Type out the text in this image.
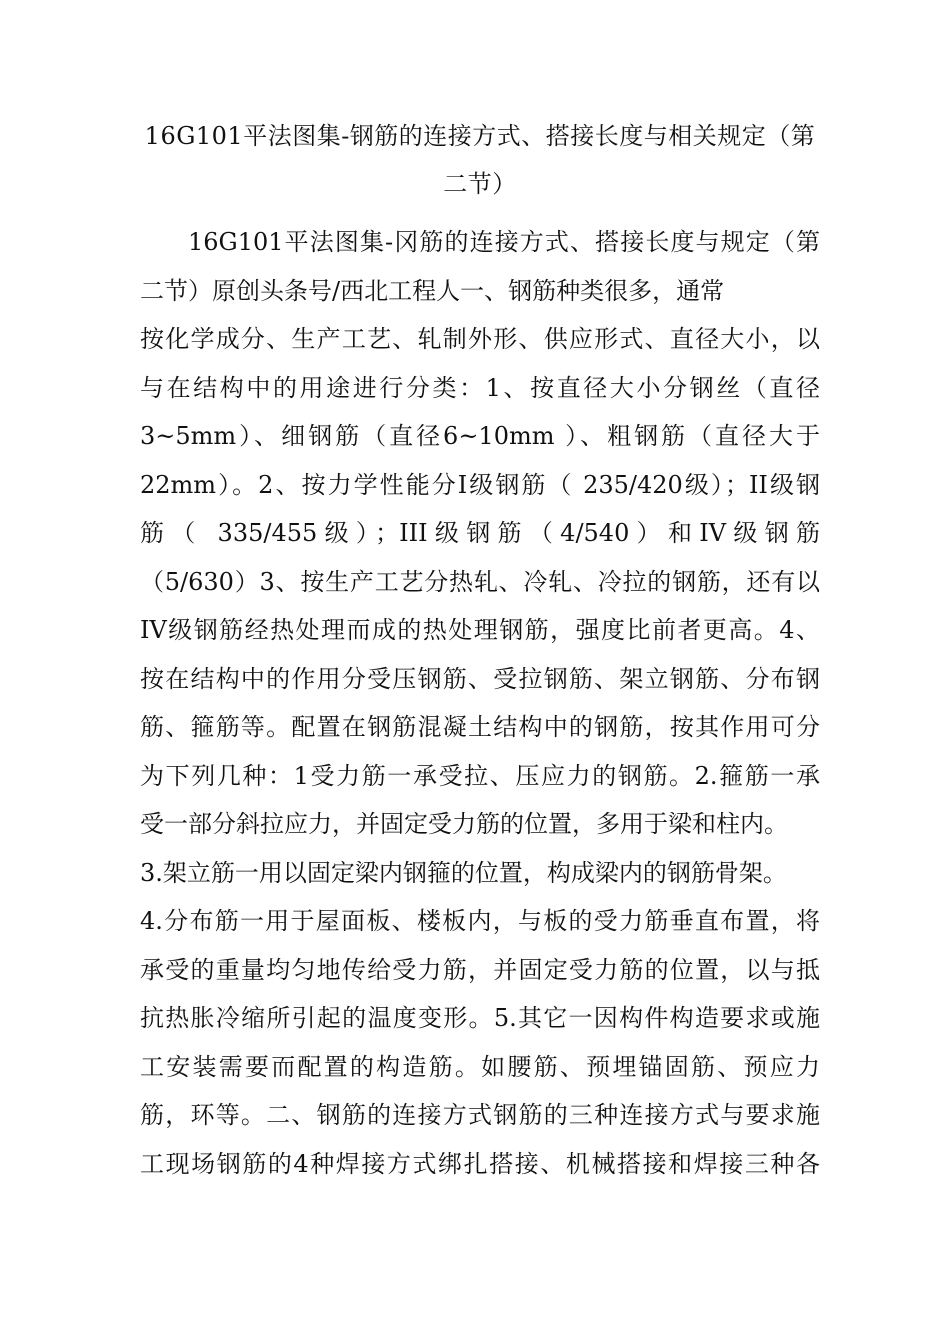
16G101平法图集-钢筋的连接方式、搭接长度与相关规定（第
二节）
16G101平法图集-冈筋的连接方式、搭接长度与规定（第
二节）原创头条号/西北工程人一、钢筋种类很多，通常
按化学成分、生产工艺、轧制外形、供应形式、直径大小，以
与在结构中的用途进行分类：1、按直径大小分钢丝（直径
3~5mm）、细钢筋（直径6~10mm ）、粗钢筋（直径大于
22mm）。2、按力学性能分Ⅰ级钢筋（ 235/420级）；II级钢
筋（ 335/455级）；III级钢筋（4/540）和IV级钢筋
（5/630）3、按生产工艺分热轧、冷轧、冷拉的钢筋，还有以
IV级钢筋经热处理而成的热处理钢筋，强度比前者更高。4、
按在结构中的作用分受压钢筋、受拉钢筋、架立钢筋、分布钢
筋、箍筋等。配置在钢筋混凝土结构中的钢筋，按其作用可分
为下列几种：1受力筋一承受拉、压应力的钢筋。2.箍筋一承
受一部分斜拉应力，并固定受力筋的位置，多用于梁和柱内。
3.架立筋一用以固定梁内钢箍的位置，构成梁内的钢筋骨架。
4.分布筋一用于屋面板、楼板内，与板的受力筋垂直布置，将
承受的重量均匀地传给受力筋，并固定受力筋的位置，以与抵
抗热胀冷缩所引起的温度变形。5.其它一因构件构造要求或施
工安装需要而配置的构造筋。如腰筋、预埋锚固筋、预应力
筋，环等。二、钢筋的连接方式钢筋的三种连接方式与要求施
工现场钢筋的4种焊接方式绑扎搭接、机械搭接和焊接三种各
